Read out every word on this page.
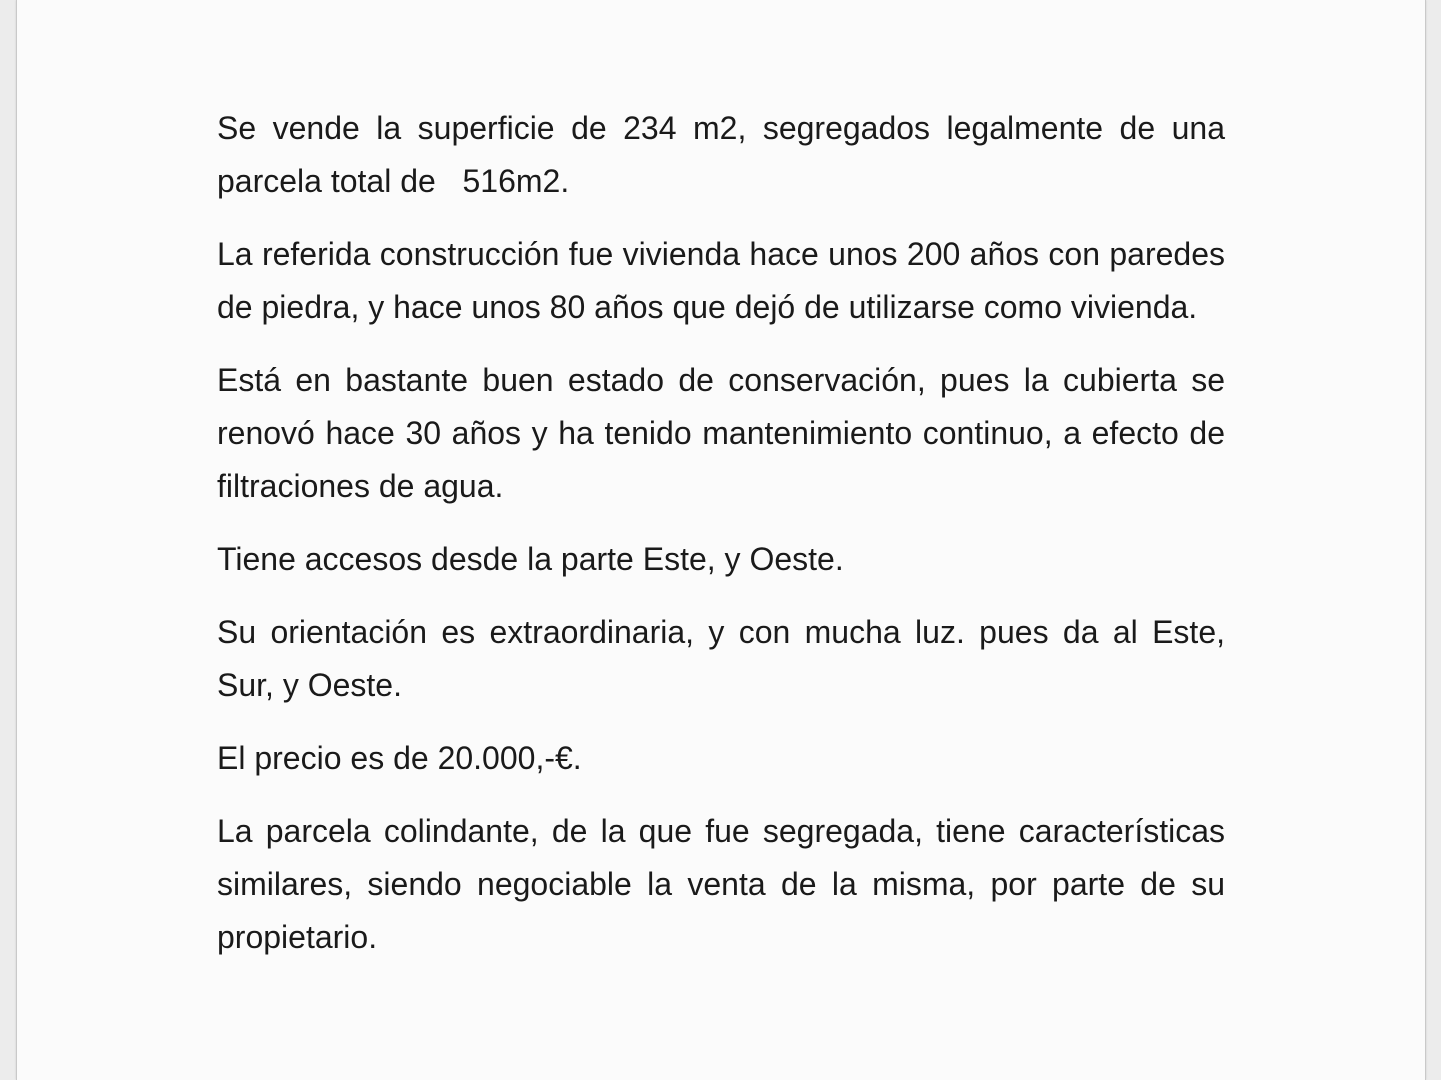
Se vende la superficie de 234 m2, segregados legalmente de una parcela total de   516m2.

La referida construcción fue vivienda hace unos 200 años con paredes de piedra, y hace unos 80 años que dejó de utilizarse como vivienda.

Está en bastante buen estado de conservación, pues la cubierta se renovó hace 30 años y ha tenido mantenimiento continuo, a efecto de filtraciones de agua.

Tiene accesos desde la parte Este, y Oeste.

Su orientación es extraordinaria, y con mucha luz. pues da al Este, Sur, y Oeste.

El precio es de 20.000,-€.

La parcela colindante, de la que fue segregada, tiene características similares, siendo negociable la venta de la misma, por parte de su propietario.
